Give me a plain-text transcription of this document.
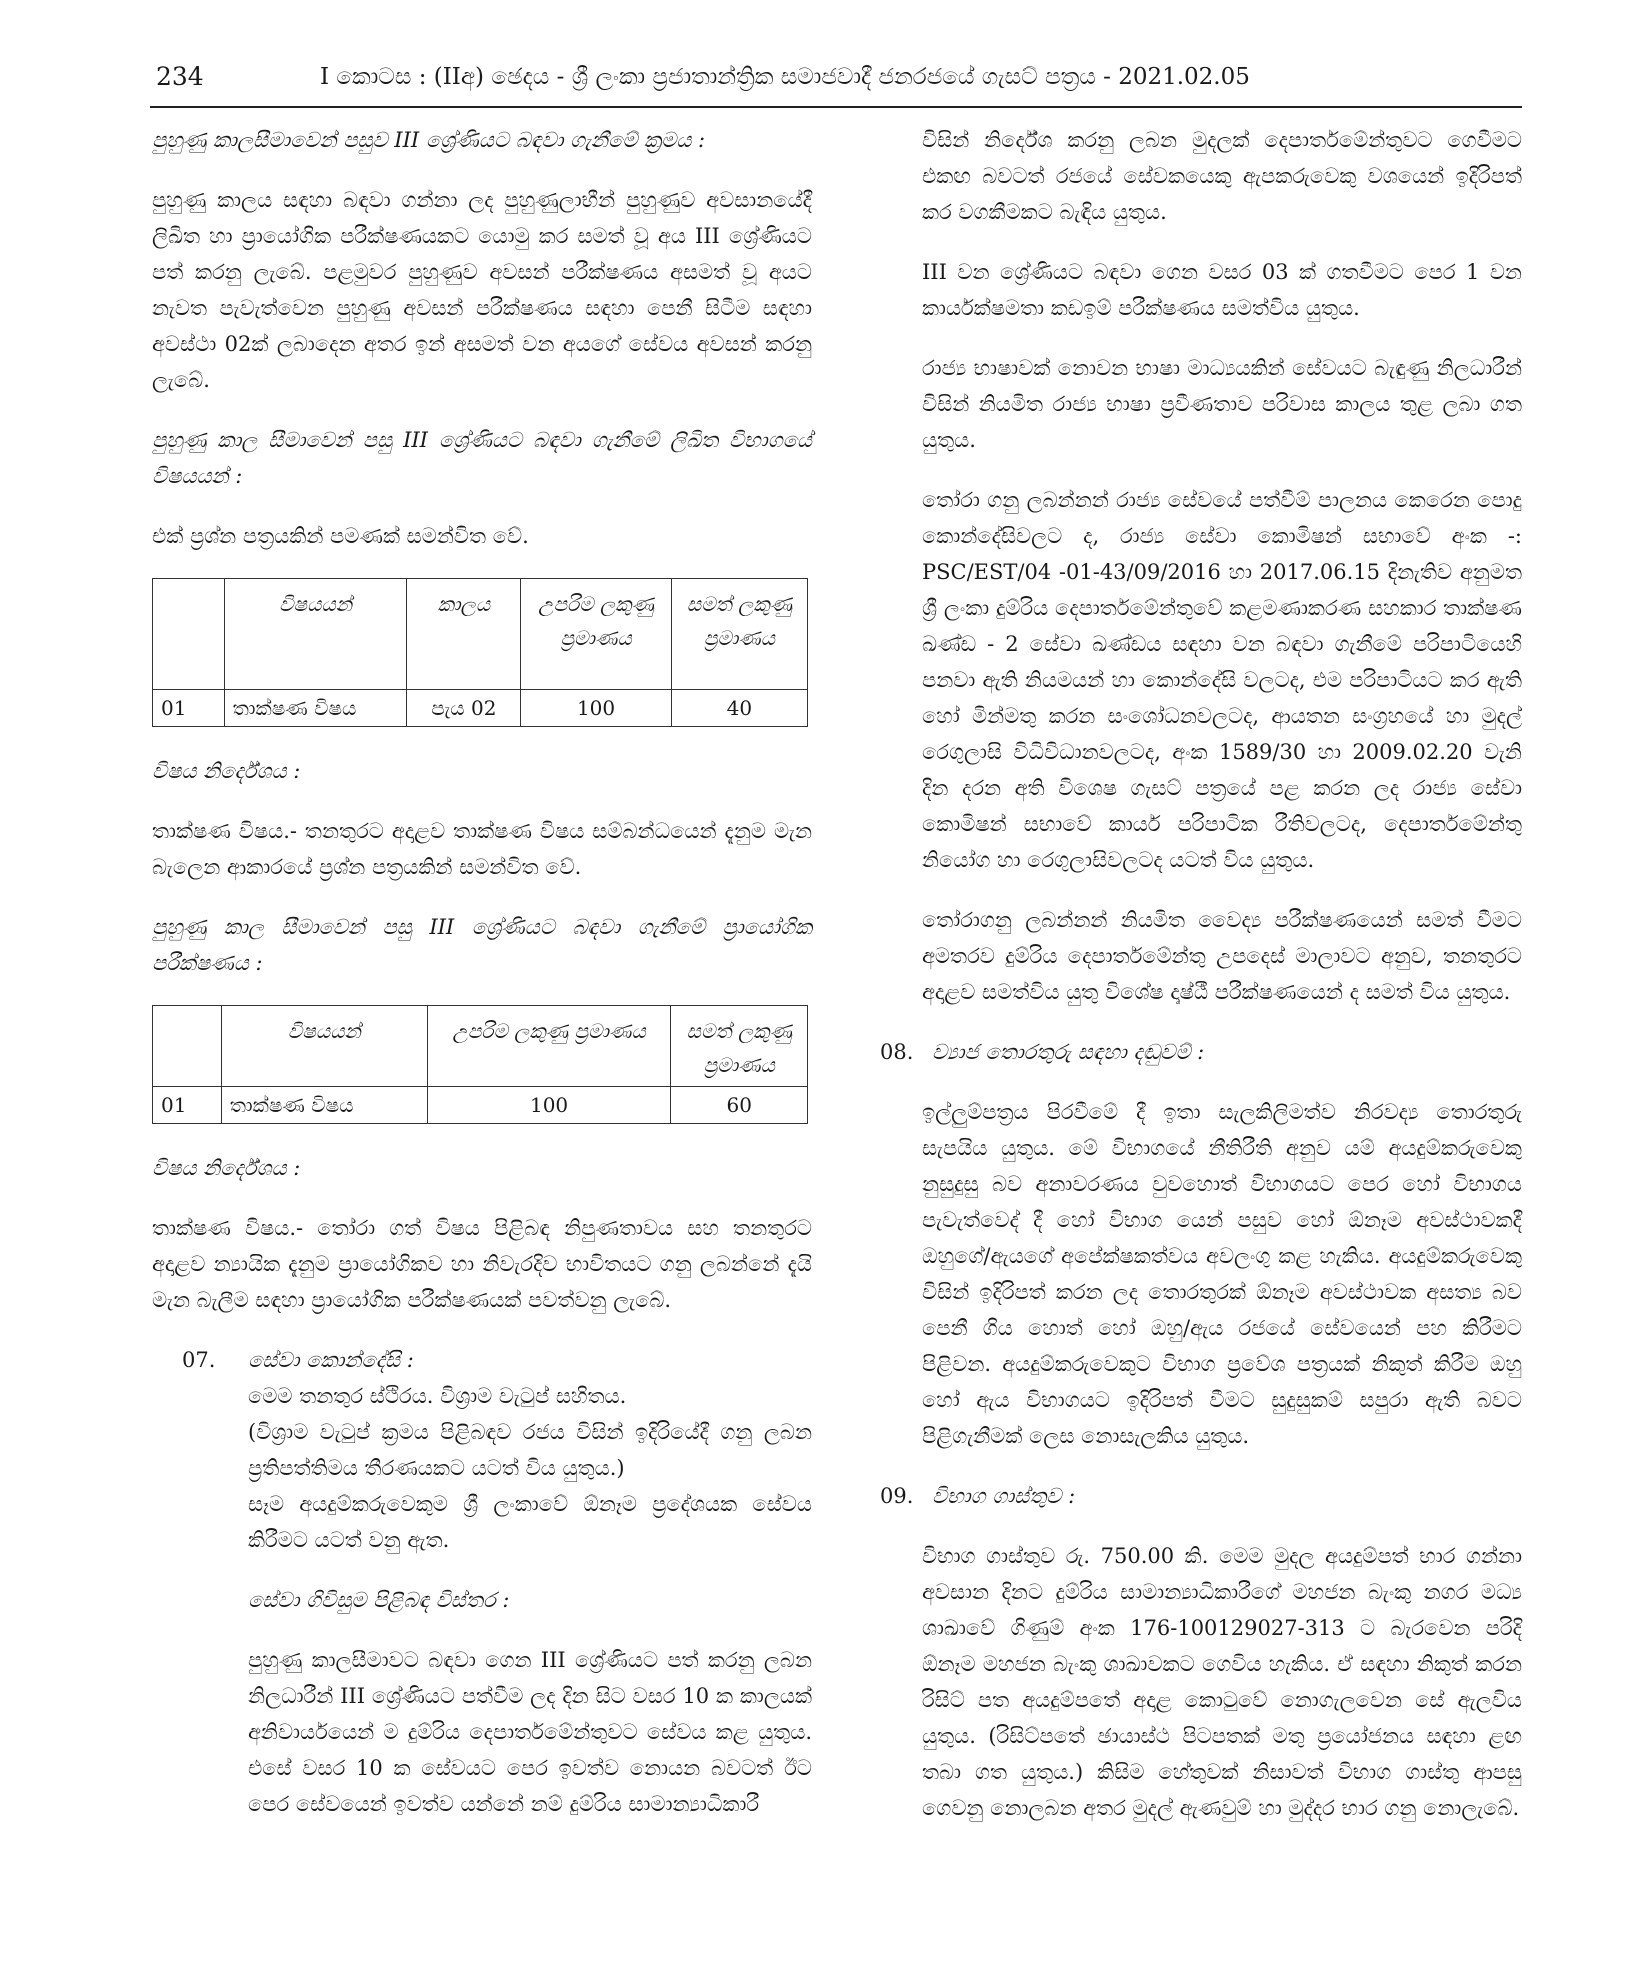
234	I කොටස : (IIඅ) ඡෙදය - ශ්‍රී ලංකා ප්‍රජාතාන්ත්‍රික සමාජවාදී ජනරජයේ ගැසට් පත්‍රය - 2021.02.05

පුහුණු කාලසීමාවෙන් පසුව III ශ්‍රේණියට බඳවා ගැනීමේ ක්‍රමය :

පුහුණු කාලය සඳහා බඳවා ගන්නා ලද පුහුණුලාභීන් පුහුණුව අවසානයේදී ලිඛිත හා ප්‍රායෝගික පරීක්ෂණයකට යොමු කර සමත් වූ අය III ශ්‍රේණියට පත් කරනු ලැබේ. පළමුවර පුහුණුව අවසන් පරීක්ෂණය අසමත් වූ අයට නැවත පැවැත්වෙන පුහුණු අවසන් පරීක්ෂණය සඳහා පෙනී සිටීම සඳහා අවස්ථා 02ක් ලබාදෙන අතර ඉන් අසමත් වන අයගේ සේවය අවසන් කරනු ලැබේ.

පුහුණු කාල සීමාවෙන් පසු III ශ්‍රේණියට බඳවා ගැනීමේ ලිඛිත විභාගයේ විෂයයන් :

එක් ප්‍රශ්න පත්‍රයකින් පමණක් සමන්විත වේ.

	විෂයයන්	කාලය	උපරිම ලකුණු ප්‍රමාණය	සමත් ලකුණු ප්‍රමාණය
01	තාක්ෂණ විෂය	පැය 02	100	40

විෂය නිර්දේශය :

තාක්ෂණ විෂය.- තනතුරට අදාළව තාක්ෂණ විෂය සම්බන්ධයෙන් දැනුම මැන බැලෙන ආකාරයේ ප්‍රශ්න පත්‍රයකින් සමන්විත වේ.

පුහුණු කාල සීමාවෙන් පසු III ශ්‍රේණියට බඳවා ගැනීමේ ප්‍රායෝගික පරීක්ෂණය :

	විෂයයන්	උපරිම ලකුණු ප්‍රමාණය	සමත් ලකුණු ප්‍රමාණය
01	තාක්ෂණ විෂය	100	60

විෂය නිර්දේශය :

තාක්ෂණ විෂය.- තෝරා ගත් විෂය පිළිබඳ නිපුණතාවය සහ තනතුරට අදාළව න්‍යායික දැනුම ප්‍රායෝගිකව හා නිවැරදිව භාවිතයට ගනු ලබන්නේ දැයි මැන බැලීම සඳහා ප්‍රායෝගික පරීක්ෂණයක් පවත්වනු ලැබේ.

07. සේවා කොන්දේසි :

මෙම තනතුර ස්ථිරය. විශ්‍රාම වැටුප් සහිතය.

(විශ්‍රාම වැටුප් ක්‍රමය පිළිබඳව රජය විසින් ඉදිරියේදී ගනු ලබන ප්‍රතිපත්තිමය තීරණයකට යටත් විය යුතුය.)

සෑම අයදුම්කරුවෙකුම ශ්‍රී ලංකාවේ ඕනෑම ප්‍රදේශයක සේවය කිරීමට යටත් වනු ඇත.

සේවා ගිවිසුම පිළිබඳ විස්තර :

පුහුණු කාලසීමාවට බඳවා ගෙන III ශ්‍රේණියට පත් කරනු ලබන නිලධාරීන් III ශ්‍රේණියට පත්වීම ලද දින සිට වසර 10 ක කාලයක් අනිවාර්යයෙන් ම දුම්රිය දෙපාර්තමේන්තුවට සේවය කළ යුතුය. එසේ වසර 10 ක සේවයට පෙර ඉවත්ව නොයන බවටත් ඊට පෙර සේවයෙන් ඉවත්ව යන්නේ නම් දුම්රිය සාමාන්‍යාධිකාරී

විසින් නිර්දේශ කරනු ලබන මුදලක් දෙපාර්තමේන්තුවට ගෙවීමට එකඟ බවටත් රජයේ සේවකයෙකු ඇපකරුවෙකු වශයෙන් ඉදිරිපත් කර වගකීමකට බැඳිය යුතුය.

III වන ශ්‍රේණියට බඳවා ගෙන වසර 03 ක් ගතවීමට පෙර 1 වන කාර්යක්ෂමතා කඩඉම් පරීක්ෂණය සමත්විය යුතුය.

රාජ්‍ය භාෂාවක් නොවන භාෂා මාධ්‍යයකින් සේවයට බැඳුණු නිලධාරීන් විසින් නියමිත රාජ්‍ය භාෂා ප්‍රවීණතාව පරිවාස කාලය තුළ ලබා ගත යුතුය.

තෝරා ගනු ලබන්නන් රාජ්‍ය සේවයේ පත්වීම් පාලනය කෙරෙන පොදු කොන්දේසිවලට ද, රාජ්‍ය සේවා කොමිෂන් සභාවේ අංක -: PSC/EST/04 -01-43/09/2016 හා 2017.06.15 දිනැතිව අනුමත ශ්‍රී ලංකා දුම්රිය දෙපාර්තමේන්තුවේ කළමණාකරණ සහකාර තාක්ෂණ ඛණ්ඩ - 2 සේවා ඛණ්ඩය සඳහා වන බඳවා ගැනීමේ පරිපාටියෙහි පනවා ඇති නියමයන් හා කොන්දේසි වලටද, එම පරිපාටියට කර ඇති හෝ මින්මතු කරන සංශෝධනවලටද, ආයතන සංග්‍රහයේ හා මුදල් රෙගුලාසි විධිවිධානවලටද, අංක 1589/30 හා 2009.02.20 වැනි දින දරන අති විශෙෂ ගැසට් පත්‍රයේ පළ කරන ලද රාජ්‍ය සේවා කොමිෂන් සභාවේ කාර්ය පරිපාටික රීතිවලටද, දෙපාර්තමේන්තු නියෝග හා රෙගුලාසිවලටද යටත් විය යුතුය.

තෝරාගනු ලබන්නන් නියමිත වෛද්‍ය පරීක්ෂණයෙන් සමත් වීමට අමතරව දුම්රිය දෙපාර්තමේන්තු උපදෙස් මාලාවට අනුව, තනතුරට අදාළව සමත්විය යුතු විශේෂ දෘෂ්ඨී පරීක්ෂණයෙන් ද සමත් විය යුතුය.

08. ව්‍යාජ තොරතුරු සඳහා දඬුවම් :

ඉල්ලුම්පත්‍රය පිරවීමේ දී ඉතා සැලකිලිමත්ව නිරවද්‍ය තොරතුරු සැපයිය යුතුය. මේ විභාගයේ නීතිරීති අනුව යම් අයදුම්කරුවෙකු නුසුදුසු බව අනාවරණය වුවහොත් විභාගයට පෙර හෝ විභාගය පැවැත්වෙද් දී හෝ විභාග යෙන් පසුව හෝ ඕනෑම අවස්ථාවකදී ඔහුගේ/ඇයගේ අපේක්ෂකත්වය අවලංගු කළ හැකිය. අයදුම්කරුවෙකු විසින් ඉදිරිපත් කරන ලද තොරතුරක් ඕනෑම අවස්ථාවක අසත්‍ය බව පෙනී ගිය හොත් හෝ ඔහු/ඇය රජයේ සේවයෙන් පහ කිරීමට පිළිවන. අයදුම්කරුවෙකුට විභාග ප්‍රවේශ පත්‍රයක් නිකුත් කිරීම ඔහු හෝ ඇය විභාගයට ඉදිරිපත් වීමට සුදුසුකම් සපුරා ඇති බවට පිළිගැනීමක් ලෙස නොසැලකිය යුතුය.

09. විභාග ගාස්තුව :

විභාග ගාස්තුව රු. 750.00 කි. මෙම මුදල අයදුම්පත් භාර ගන්නා අවසාන දිනට දුම්රිය සාමාන්‍යාධිකාරීගේ මහජන බැංකු නගර මධ්‍ය ශාඛාවේ ගිණුම් අංක 176-100129027-313 ට බැරවෙන පරිදි ඕනෑම මහජන බැංකු ශාඛාවකට ගෙවිය හැකිය. ඒ සඳහා නිකුත් කරන රිසිට් පත අයදුම්පතේ අදාළ කොටුවේ නොගැලවෙන සේ ඇලවිය යුතුය. (රිසිට්පතේ ඡායාස්ථ පිටපතක් මතු ප්‍රයෝජනය සඳහා ළඟ තබා ගත යුතුය.) කිසිම හේතුවක් නිසාවත් විභාග ගාස්තු ආපසු ගෙවනු නොලබන අතර මුදල් ඇණවුම් හා මුද්දර භාර ගනු නොලැබේ.
